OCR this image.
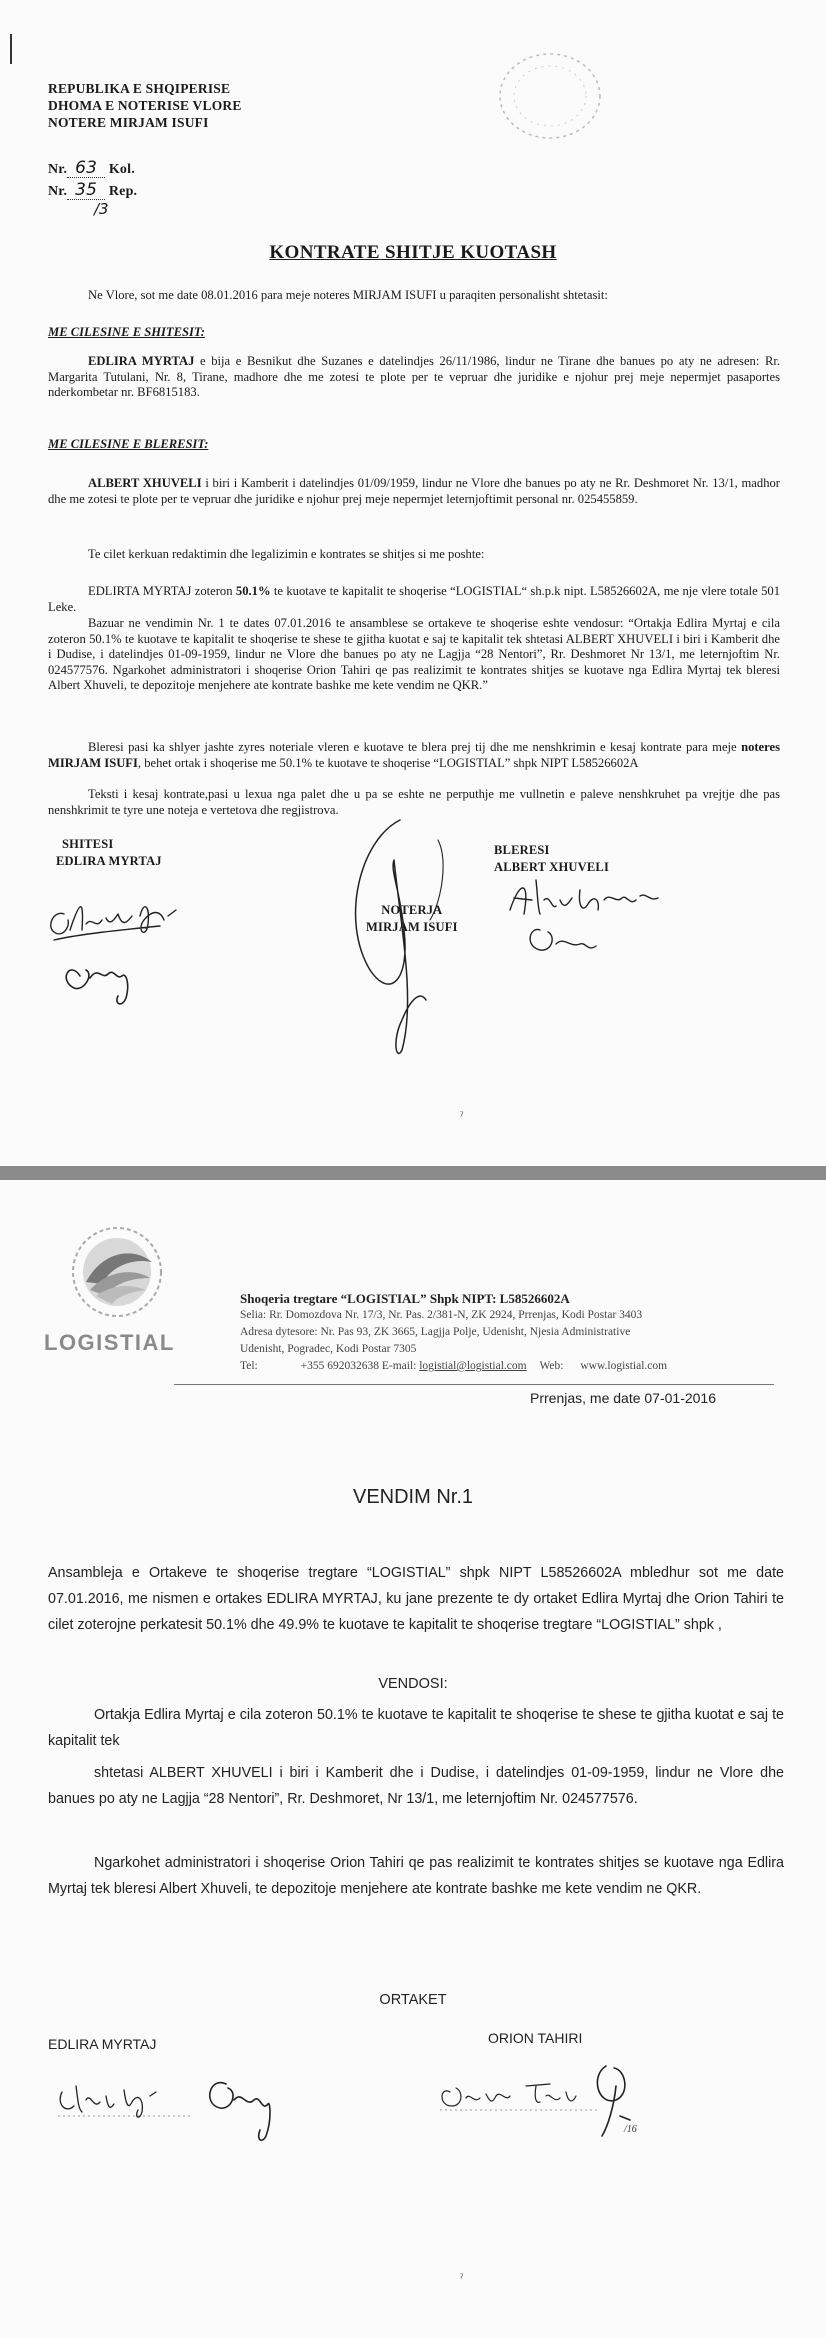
REPUBLIKA E SHQIPERISE
DHOMA E NOTERISE VLORE
NOTERE MIRJAM ISUFI
Nr. 63 Kol.
Nr. 35 Rep.
/3
KONTRATE SHITJE KUOTASH
Ne Vlore, sot me date 08.01.2016 para meje noteres MIRJAM ISUFI u paraqiten personalisht shtetasit:
ME CILESINE E SHITESIT:
EDLIRA MYRTAJ e bija e Besnikut dhe Suzanes e datelindjes 26/11/1986, lindur ne Tirane dhe banues po aty ne adresen: Rr. Margarita Tutulani, Nr. 8, Tirane, madhore dhe me zotesi te plote per te vepruar dhe juridike e njohur prej meje nepermjet pasaportes nderkombetar nr. BF6815183.
ME CILESINE E BLERESIT:
ALBERT XHUVELI i biri i Kamberit i datelindjes 01/09/1959, lindur ne Vlore dhe banues po aty ne Rr. Deshmoret Nr. 13/1, madhor dhe me zotesi te plote per te vepruar dhe juridike e njohur prej meje nepermjet leternjoftimit personal nr. 025455859.
Te cilet kerkuan redaktimin dhe legalizimin e kontrates se shitjes si me poshte:
EDLIRTA MYRTAJ zoteron 50.1% te kuotave te kapitalit te shoqerise “LOGISTIAL“ sh.p.k nipt. L58526602A, me nje vlere totale 501 Leke.
Bazuar ne vendimin Nr. 1 te dates 07.01.2016 te ansamblese se ortakeve te shoqerise eshte vendosur: “Ortakja Edlira Myrtaj e cila zoteron 50.1% te kuotave te kapitalit te shoqerise te shese te gjitha kuotat e saj te kapitalit tek shtetasi ALBERT XHUVELI i biri i Kamberit dhe i Dudise, i datelindjes 01-09-1959, lindur ne Vlore dhe banues po aty ne Lagjja “28 Nentori”, Rr. Deshmoret Nr 13/1, me leternjoftim Nr. 024577576. Ngarkohet administratori i shoqerise Orion Tahiri qe pas realizimit te kontrates shitjes se kuotave nga Edlira Myrtaj tek bleresi Albert Xhuveli, te depozitoje menjehere ate kontrate bashke me kete vendim ne QKR.”
Bleresi pasi ka shlyer jashte zyres noteriale vleren e kuotave te blera prej tij dhe me nenshkrimin e kesaj kontrate para meje noteres MIRJAM ISUFI, behet ortak i shoqerise me 50.1% te kuotave te shoqerise “LOGISTIAL” shpk NIPT L58526602A
Teksti i kesaj kontrate,pasi u lexua nga palet dhe u pa se eshte ne perputhje me vullnetin e paleve nenshkruhet pa vrejtje dhe pas nenshkrimit te tyre une noteja e vertetova dhe regjistrova.
SHITESI
EDLIRA MYRTAJ
NOTERJA
MIRJAM ISUFI
BLERESI
ALBERT XHUVELI
ˀ
LOGISTIAL
Shoqeria tregtare “LOGISTIAL” Shpk NIPT: L58526602A
Selia: Rr. Domozdova Nr. 17/3, Nr. Pas. 2/381-N, ZK 2924, Prrenjas, Kodi Postar 3403
Adresa dytesore: Nr. Pas 93, ZK 3665, Lagjja Polje, Udenisht, Njesia Administrative
Udenisht, Pogradec, Kodi Postar 7305
Tel:	+355 692032638 E-mail: logistial@logistial.com Web: www.logistial.com
Prrenjas, me date 07-01-2016
VENDIM Nr.1
Ansambleja e Ortakeve te shoqerise tregtare “LOGISTIAL” shpk NIPT L58526602A mbledhur sot me date 07.01.2016, me nismen e ortakes EDLIRA MYRTAJ, ku jane prezente te dy ortaket Edlira Myrtaj dhe Orion Tahiri te cilet zoterojne perkatesit 50.1% dhe 49.9% te kuotave te kapitalit te shoqerise tregtare “LOGISTIAL” shpk ,
VENDOSI:
Ortakja Edlira Myrtaj e cila zoteron 50.1% te kuotave te kapitalit te shoqerise te shese te gjitha kuotat e saj te kapitalit tek
shtetasi ALBERT XHUVELI i biri i Kamberit dhe i Dudise, i datelindjes 01-09-1959, lindur ne Vlore dhe banues po aty ne Lagjja “28 Nentori”, Rr. Deshmoret, Nr 13/1, me leternjoftim Nr. 024577576.
Ngarkohet administratori i shoqerise Orion Tahiri qe pas realizimit te kontrates shitjes se kuotave nga Edlira Myrtaj tek bleresi Albert Xhuveli, te depozitoje menjehere ate kontrate bashke me kete vendim ne QKR.
ORTAKET
EDLIRA MYRTAJ	ORION TAHIRI
/16
ˀ
